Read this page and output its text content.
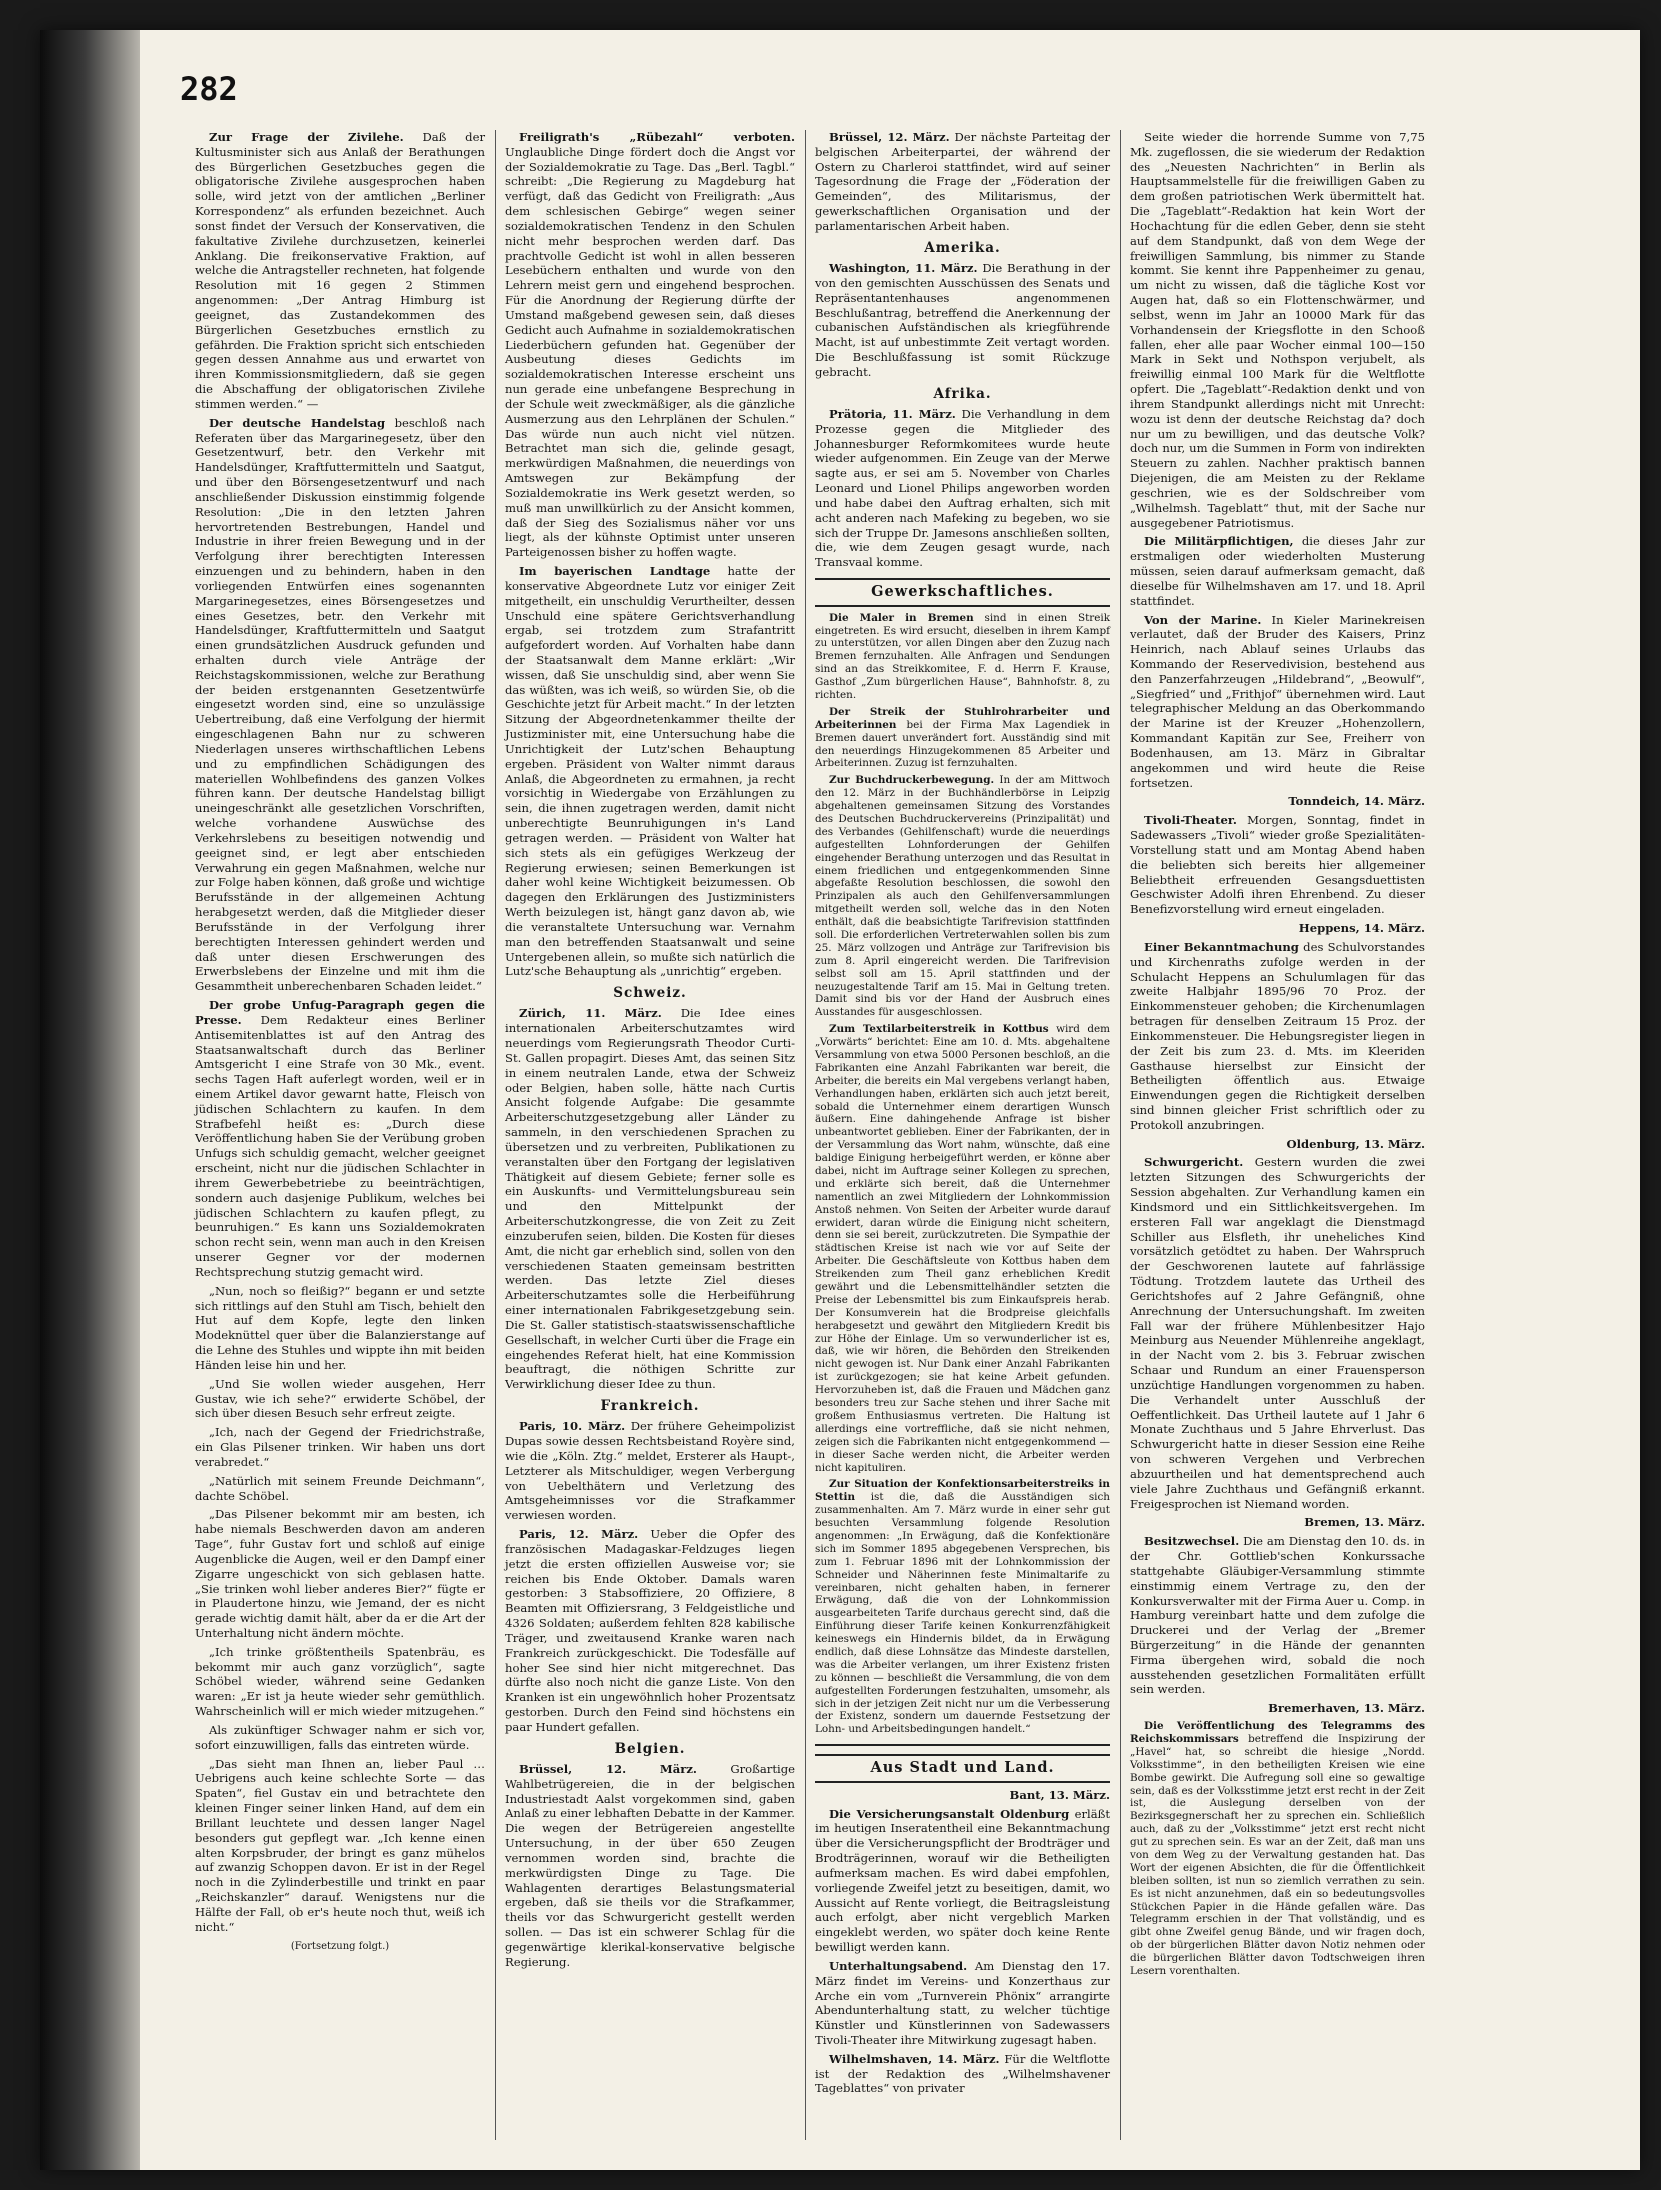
282

Zur Frage der Zivilehe. Daß der Kultusminister sich aus Anlaß der Berathungen des Bürgerlichen Gesetzbuches gegen die obligatorische Zivilehe ausgesprochen haben solle, wird jetzt von der amtlichen „Berliner Korrespondenz“ als erfunden bezeichnet. Auch sonst findet der Versuch der Konservativen, die fakultative Zivilehe durchzusetzen, keinerlei Anklang. Die freikonservative Fraktion, auf welche die Antragsteller rechneten, hat folgende Resolution mit 16 gegen 2 Stimmen angenommen: „Der Antrag Himburg ist geeignet, das Zustandekommen des Bürgerlichen Gesetzbuches ernstlich zu gefährden. Die Fraktion spricht sich entschieden gegen dessen Annahme aus und erwartet von ihren Kommissionsmitgliedern, daß sie gegen die Abschaffung der obligatorischen Zivilehe stimmen werden.“ —

Der deutsche Handelstag beschloß nach Referaten über das Margarinegesetz, über den Gesetzentwurf, betr. den Verkehr mit Handelsdünger, Kraftfuttermitteln und Saatgut, und über den Börsengesetzentwurf und nach anschließender Diskussion einstimmig folgende Resolution: „Die in den letzten Jahren hervortretenden Bestrebungen, Handel und Industrie in ihrer freien Bewegung und in der Verfolgung ihrer berechtigten Interessen einzuengen und zu behindern, haben in den vorliegenden Entwürfen eines sogenannten Margarinegesetzes, eines Börsengesetzes und eines Gesetzes, betr. den Verkehr mit Handelsdünger, Kraftfuttermitteln und Saatgut einen grundsätzlichen Ausdruck gefunden und erhalten durch viele Anträge der Reichstagskommissionen, welche zur Berathung der beiden erstgenannten Gesetzentwürfe eingesetzt worden sind, eine so unzulässige Uebertreibung, daß eine Verfolgung der hiermit eingeschlagenen Bahn nur zu schweren Niederlagen unseres wirthschaftlichen Lebens und zu empfindlichen Schädigungen des materiellen Wohlbefindens des ganzen Volkes führen kann. Der deutsche Handelstag billigt uneingeschränkt alle gesetzlichen Vorschriften, welche vorhandene Auswüchse des Verkehrslebens zu beseitigen notwendig und geeignet sind, er legt aber entschieden Verwahrung ein gegen Maßnahmen, welche nur zur Folge haben können, daß große und wichtige Berufsstände in der allgemeinen Achtung herabgesetzt werden, daß die Mitglieder dieser Berufsstände in der Verfolgung ihrer berechtigten Interessen gehindert werden und daß unter diesen Erschwerungen des Erwerbslebens der Einzelne und mit ihm die Gesammtheit unberechenbaren Schaden leidet.“

Der grobe Unfug-Paragraph gegen die Presse. Dem Redakteur eines Berliner Antisemitenblattes ist auf den Antrag des Staatsanwaltschaft durch das Berliner Amtsgericht I eine Strafe von 30 Mk., event. sechs Tagen Haft auferlegt worden, weil er in einem Artikel davor gewarnt hatte, Fleisch von jüdischen Schlachtern zu kaufen. In dem Strafbefehl heißt es: „Durch diese Veröffentlichung haben Sie der Verübung groben Unfugs sich schuldig gemacht, welcher geeignet erscheint, nicht nur die jüdischen Schlachter in ihrem Gewerbebetriebe zu beeinträchtigen, sondern auch dasjenige Publikum, welches bei jüdischen Schlachtern zu kaufen pflegt, zu beunruhigen.“ Es kann uns Sozialdemokraten schon recht sein, wenn man auch in den Kreisen unserer Gegner vor der modernen Rechtsprechung stutzig gemacht wird.

„Nun, noch so fleißig?“ begann er und setzte sich rittlings auf den Stuhl am Tisch, behielt den Hut auf dem Kopfe, legte den linken Modeknüttel quer über die Balanzierstange auf die Lehne des Stuhles und wippte ihn mit beiden Händen leise hin und her.

„Und Sie wollen wieder ausgehen, Herr Gustav, wie ich sehe?“ erwiderte Schöbel, der sich über diesen Besuch sehr erfreut zeigte.

„Ich, nach der Gegend der Friedrichstraße, ein Glas Pilsener trinken. Wir haben uns dort verabredet.“

„Natürlich mit seinem Freunde Deichmann“, dachte Schöbel.

„Das Pilsener bekommt mir am besten, ich habe niemals Beschwerden davon am anderen Tage“, fuhr Gustav fort und schloß auf einige Augenblicke die Augen, weil er den Dampf einer Zigarre ungeschickt von sich geblasen hatte. „Sie trinken wohl lieber anderes Bier?“ fügte er in Plaudertone hinzu, wie Jemand, der es nicht gerade wichtig damit hält, aber da er die Art der Unterhaltung nicht ändern möchte.

„Ich trinke größtentheils Spatenbräu, es bekommt mir auch ganz vorzüglich“, sagte Schöbel wieder, während seine Gedanken waren: „Er ist ja heute wieder sehr gemüthlich. Wahrscheinlich will er mich wieder mitzugehen.“

Als zukünftiger Schwager nahm er sich vor, sofort einzuwilligen, falls das eintreten würde.

„Das sieht man Ihnen an, lieber Paul … Uebrigens auch keine schlechte Sorte — das Spaten“, fiel Gustav ein und betrachtete den kleinen Finger seiner linken Hand, auf dem ein Brillant leuchtete und dessen langer Nagel besonders gut gepflegt war. „Ich kenne einen alten Korpsbruder, der bringt es ganz mühelos auf zwanzig Schoppen davon. Er ist in der Regel noch in die Zylinderbestille und trinkt en paar „Reichskanzler“ darauf. Wenigstens nur die Hälfte der Fall, ob er's heute noch thut, weiß ich nicht.“

(Fortsetzung folgt.)

Freiligrath's „Rübezahl“ verboten. Unglaubliche Dinge fördert doch die Angst vor der Sozialdemokratie zu Tage. Das „Berl. Tagbl.“ schreibt: „Die Regierung zu Magdeburg hat verfügt, daß das Gedicht von Freiligrath: „Aus dem schlesischen Gebirge“ wegen seiner sozialdemokratischen Tendenz in den Schulen nicht mehr besprochen werden darf. Das prachtvolle Gedicht ist wohl in allen besseren Lesebüchern enthalten und wurde von den Lehrern meist gern und eingehend besprochen. Für die Anordnung der Regierung dürfte der Umstand maßgebend gewesen sein, daß dieses Gedicht auch Aufnahme in sozialdemokratischen Liederbüchern gefunden hat. Gegenüber der Ausbeutung dieses Gedichts im sozialdemokratischen Interesse erscheint uns nun gerade eine unbefangene Besprechung in der Schule weit zweckmäßiger, als die gänzliche Ausmerzung aus den Lehrplänen der Schulen.“ Das würde nun auch nicht viel nützen. Betrachtet man sich die, gelinde gesagt, merkwürdigen Maßnahmen, die neuerdings von Amtswegen zur Bekämpfung der Sozialdemokratie ins Werk gesetzt werden, so muß man unwillkürlich zu der Ansicht kommen, daß der Sieg des Sozialismus näher vor uns liegt, als der kühnste Optimist unter unseren Parteigenossen bisher zu hoffen wagte.

Im bayerischen Landtage hatte der konservative Abgeordnete Lutz vor einiger Zeit mitgetheilt, ein unschuldig Verurtheilter, dessen Unschuld eine spätere Gerichtsverhandlung ergab, sei trotzdem zum Strafantritt aufgefordert worden. Auf Vorhalten habe dann der Staatsanwalt dem Manne erklärt: „Wir wissen, daß Sie unschuldig sind, aber wenn Sie das wüßten, was ich weiß, so würden Sie, ob die Geschichte jetzt für Arbeit macht.“ In der letzten Sitzung der Abgeordnetenkammer theilte der Justizminister mit, eine Untersuchung habe die Unrichtigkeit der Lutz'schen Behauptung ergeben. Präsident von Walter nimmt daraus Anlaß, die Abgeordneten zu ermahnen, ja recht vorsichtig in Wiedergabe von Erzählungen zu sein, die ihnen zugetragen werden, damit nicht unberechtigte Beunruhigungen in's Land getragen werden. — Präsident von Walter hat sich stets als ein gefügiges Werkzeug der Regierung erwiesen; seinen Bemerkungen ist daher wohl keine Wichtigkeit beizumessen. Ob dagegen den Erklärungen des Justizministers Werth beizulegen ist, hängt ganz davon ab, wie die veranstaltete Untersuchung war. Vernahm man den betreffenden Staatsanwalt und seine Untergebenen allein, so mußte sich natürlich die Lutz'sche Behauptung als „unrichtig“ ergeben.

Schweiz.

Zürich, 11. März. Die Idee eines internationalen Arbeiterschutzamtes wird neuerdings vom Regierungsrath Theodor Curti-St. Gallen propagirt. Dieses Amt, das seinen Sitz in einem neutralen Lande, etwa der Schweiz oder Belgien, haben solle, hätte nach Curtis Ansicht folgende Aufgabe: Die gesammte Arbeiterschutzgesetzgebung aller Länder zu sammeln, in den verschiedenen Sprachen zu übersetzen und zu verbreiten, Publikationen zu veranstalten über den Fortgang der legislativen Thätigkeit auf diesem Gebiete; ferner solle es ein Auskunfts- und Vermittelungsbureau sein und den Mittelpunkt der Arbeiterschutzkongresse, die von Zeit zu Zeit einzuberufen seien, bilden. Die Kosten für dieses Amt, die nicht gar erheblich sind, sollen von den verschiedenen Staaten gemeinsam bestritten werden. Das letzte Ziel dieses Arbeiterschutzamtes solle die Herbeiführung einer internationalen Fabrikgesetzgebung sein. Die St. Galler statistisch-staatswissenschaftliche Gesellschaft, in welcher Curti über die Frage ein eingehendes Referat hielt, hat eine Kommission beauftragt, die nöthigen Schritte zur Verwirklichung dieser Idee zu thun.

Frankreich.

Paris, 10. März. Der frühere Geheimpolizist Dupas sowie dessen Rechtsbeistand Royère sind, wie die „Köln. Ztg.“ meldet, Ersterer als Haupt-, Letzterer als Mitschuldiger, wegen Verbergung von Uebelthätern und Verletzung des Amtsgeheimnisses vor die Strafkammer verwiesen worden.

Paris, 12. März. Ueber die Opfer des französischen Madagaskar-Feldzuges liegen jetzt die ersten offiziellen Ausweise vor; sie reichen bis Ende Oktober. Damals waren gestorben: 3 Stabsoffiziere, 20 Offiziere, 8 Beamten mit Offiziersrang, 3 Feldgeistliche und 4326 Soldaten; außerdem fehlten 828 kabilische Träger, und zweitausend Kranke waren nach Frankreich zurückgeschickt. Die Todesfälle auf hoher See sind hier nicht mitgerechnet. Das dürfte also noch nicht die ganze Liste. Von den Kranken ist ein ungewöhnlich hoher Prozentsatz gestorben. Durch den Feind sind höchstens ein paar Hundert gefallen.

Belgien.

Brüssel, 12. März.	Großartige Wahlbetrügereien, die in der belgischen Industriestadt Aalst vorgekommen sind, gaben Anlaß zu einer lebhaften Debatte in der Kammer. Die wegen der Betrügereien angestellte Untersuchung, in der über 650 Zeugen vernommen worden sind, brachte die merkwürdigsten Dinge zu Tage. Die Wahlagenten derartiges Belastungsmaterial ergeben, daß sie theils vor die Strafkammer, theils vor das Schwurgericht gestellt werden sollen. — Das ist ein schwerer Schlag für die gegenwärtige klerikal-konservative belgische Regierung.

Brüssel, 12. März. Der nächste Parteitag der belgischen Arbeiterpartei, der während der Ostern zu Charleroi stattfindet, wird auf seiner Tagesordnung die Frage der „Föderation der Gemeinden“, des Militarismus, der gewerkschaftlichen Organisation und der parlamentarischen Arbeit haben.

Amerika.

Washington, 11. März. Die Berathung in der von den gemischten Ausschüssen des Senats und Repräsentantenhauses angenommenen Beschlußantrag, betreffend die Anerkennung der cubanischen Aufständischen als kriegführende Macht, ist auf unbestimmte Zeit vertagt worden. Die Beschlußfassung ist somit Rückzuge gebracht.

Afrika.

Prätoria, 11. März. Die Verhandlung in dem Prozesse gegen die Mitglieder des Johannesburger Reformkomitees wurde heute wieder aufgenommen. Ein Zeuge van der Merwe sagte aus, er sei am 5. November von Charles Leonard und Lionel Philips angeworben worden und habe dabei den Auftrag erhalten, sich mit acht anderen nach Mafeking zu begeben, wo sie sich der Truppe Dr. Jamesons anschließen sollten, die, wie dem Zeugen gesagt wurde, nach Transvaal komme.

Gewerkschaftliches.

Die Maler in Bremen sind in einen Streik eingetreten. Es wird ersucht, dieselben in ihrem Kampf zu unterstützen, vor allen Dingen aber den Zuzug nach Bremen fernzuhalten. Alle Anfragen und Sendungen sind an das Streikkomitee, F. d. Herrn F. Krause, Gasthof „Zum bürgerlichen Hause“, Bahnhofstr. 8, zu richten.

Der Streik der Stuhlrohrarbeiter und Arbeiterinnen bei der Firma Max Lagendiek in Bremen dauert unverändert fort. Ausständig sind mit den neuerdings Hinzugekommenen 85 Arbeiter und Arbeiterinnen. Zuzug ist fernzuhalten.

Zur Buchdruckerbewegung. In der am Mittwoch den 12. März in der Buchhändlerbörse in Leipzig abgehaltenen gemeinsamen Sitzung des Vorstandes des Deutschen Buchdruckervereins (Prinzipalität) und des Verbandes (Gehilfenschaft) wurde die neuerdings aufgestellten Lohnforderungen der Gehilfen eingehender Berathung unterzogen und das Resultat in einem friedlichen und entgegenkommenden Sinne abgefaßte Resolution beschlossen, die sowohl den Prinzipalen als auch den Gehilfenversammlungen mitgetheilt werden soll, welche das in den Noten enthält, daß die beabsichtigte Tarifrevision stattfinden soll. Die erforderlichen Vertreterwahlen sollen bis zum 25. März vollzogen und Anträge zur Tarifrevision bis zum 8. April eingereicht werden. Die Tarifrevision selbst soll am 15. April stattfinden und der neuzugestaltende Tarif am 15. Mai in Geltung treten. Damit sind bis vor der Hand der Ausbruch eines Ausstandes für ausgeschlossen.

Zum Textilarbeiterstreik in Kottbus wird dem „Vorwärts“ berichtet: Eine am 10. d. Mts. abgehaltene Versammlung von etwa 5000 Personen beschloß, an die Fabrikanten eine Anzahl Fabrikanten war bereit, die Arbeiter, die bereits ein Mal vergebens verlangt haben, Verhandlungen haben, erklärten sich auch jetzt bereit, sobald die Unternehmer einem derartigen Wunsch äußern. Eine dahingehende Anfrage ist bisher unbeantwortet geblieben. Einer der Fabrikanten, der in der Versammlung das Wort nahm, wünschte, daß eine baldige Einigung herbeigeführt werden, er könne aber dabei, nicht im Auftrage seiner Kollegen zu sprechen, und erklärte sich bereit, daß die Unternehmer namentlich an zwei Mitgliedern der Lohnkommission Anstoß nehmen. Von Seiten der Arbeiter wurde darauf erwidert, daran würde die Einigung nicht scheitern, denn sie sei bereit, zurückzutreten. Die Sympathie der städtischen Kreise ist nach wie vor auf Seite der Arbeiter. Die Geschäftsleute von Kottbus haben dem Streikenden zum Theil ganz erheblichen Kredit gewährt und die Lebensmittelhändler setzten die Preise der Lebensmittel bis zum Einkaufspreis herab. Der Konsumverein hat die Brodpreise gleichfalls herabgesetzt und gewährt den Mitgliedern Kredit bis zur Höhe der Einlage. Um so verwunderlicher ist es, daß, wie wir hören, die Behörden den Streikenden nicht gewogen ist. Nur Dank einer Anzahl Fabrikanten ist zurückgezogen; sie hat keine Arbeit gefunden. Hervorzuheben ist, daß die Frauen und Mädchen ganz besonders treu zur Sache stehen und ihrer Sache mit großem Enthusiasmus vertreten. Die Haltung ist allerdings eine vortreffliche, daß sie nicht nehmen, zeigen sich die Fabrikanten nicht entgegenkommend — in dieser Sache werden nicht, die Arbeiter werden nicht kapituliren.

Zur Situation der Konfektionsarbeiterstreiks in Stettin ist die, daß die Ausständigen sich zusammenhalten. Am 7. März wurde in einer sehr gut besuchten Versammlung folgende Resolution angenommen: „In Erwägung, daß die Konfektionäre sich im Sommer 1895 abgegebenen Versprechen, bis zum 1. Februar 1896 mit der Lohnkommission der Schneider und Näherinnen feste Minimaltarife zu vereinbaren, nicht gehalten haben, in fernerer Erwägung, daß die von der Lohnkommission ausgearbeiteten Tarife durchaus gerecht sind, daß die Einführung dieser Tarife keinen Konkurrenzfähigkeit keineswegs ein Hindernis bildet, da in Erwägung endlich, daß diese Lohnsätze das Mindeste darstellen, was die Arbeiter verlangen, um ihrer Existenz fristen zu können — beschließt die Versammlung, die von dem aufgestellten Forderungen festzuhalten, umsomehr, als sich in der jetzigen Zeit nicht nur um die Verbesserung der Existenz, sondern um dauernde Festsetzung der Lohn- und Arbeitsbedingungen handelt.“

Aus Stadt und Land.

Bant, 13. März.

Die Versicherungsanstalt Oldenburg erläßt im heutigen Inseratentheil eine Bekanntmachung über die Versicherungspflicht der Brodträger und Brodträgerinnen, worauf wir die Betheiligten aufmerksam machen. Es wird dabei empfohlen, vorliegende Zweifel jetzt zu beseitigen, damit, wo Aussicht auf Rente vorliegt, die Beitragsleistung auch erfolgt, aber nicht vergeblich Marken eingeklebt werden, wo später doch keine Rente bewilligt werden kann.

Unterhaltungsabend. Am Dienstag den 17. März findet im Vereins- und Konzerthaus zur Arche ein vom „Turnverein Phönix“ arrangirte Abendunterhaltung statt, zu welcher tüchtige Künstler und Künstlerinnen von Sadewassers Tivoli-Theater ihre Mitwirkung zugesagt haben.

Wilhelmshaven, 14. März. Für die Weltflotte ist der Redaktion des „Wilhelmshavener Tageblattes“ von privater

Seite wieder die horrende Summe von 7,75 Mk. zugeflossen, die sie wiederum der Redaktion des „Neuesten Nachrichten“ in Berlin als Hauptsammelstelle für die freiwilligen Gaben zu dem großen patriotischen Werk übermittelt hat. Die „Tageblatt“-Redaktion hat kein Wort der Hochachtung für die edlen Geber, denn sie steht auf dem Standpunkt, daß von dem Wege der freiwilligen Sammlung, bis nimmer zu Stande kommt. Sie kennt ihre Pappenheimer zu genau, um nicht zu wissen, daß die tägliche Kost vor Augen hat, daß so ein Flottenschwärmer, und selbst, wenn im Jahr an 10000 Mark für das Vorhandensein der Kriegsflotte in den Schooß fallen, eher alle paar Wocher einmal 100—150 Mark in Sekt und Nothspon verjubelt, als freiwillig einmal 100 Mark für die Weltflotte opfert. Die „Tageblatt“-Redaktion denkt und von ihrem Standpunkt allerdings nicht mit Unrecht: wozu ist denn der deutsche Reichstag da? doch nur um zu bewilligen, und das deutsche Volk? doch nur, um die Summen in Form von indirekten Steuern zu zahlen. Nachher praktisch bannen Diejenigen, die am Meisten zu der Reklame geschrien, wie es der Soldschreiber vom „Wilhelmsh. Tageblatt“ thut, mit der Sache nur ausgegebener Patriotismus.

Die Militärpflichtigen, die dieses Jahr zur erstmaligen oder wiederholten Musterung müssen, seien darauf aufmerksam gemacht, daß dieselbe für Wilhelmshaven am 17. und 18. April stattfindet.

Von der Marine. In Kieler Marinekreisen verlautet, daß der Bruder des Kaisers, Prinz Heinrich, nach Ablauf seines Urlaubs das Kommando der Reservedivision, bestehend aus den Panzerfahrzeugen „Hildebrand“, „Beowulf“, „Siegfried“ und „Frithjof“ übernehmen wird. Laut telegraphischer Meldung an das Oberkommando der Marine ist der Kreuzer „Hohenzollern, Kommandant Kapitän zur See, Freiherr von Bodenhausen, am 13. März in Gibraltar angekommen und wird heute die Reise fortsetzen.

Tonndeich, 14. März.

Tivoli-Theater. Morgen, Sonntag, findet in Sadewassers „Tivoli“ wieder große Spezialitäten-Vorstellung statt und am Montag Abend haben die beliebten sich bereits hier allgemeiner Beliebtheit erfreuenden Gesangsduettisten Geschwister Adolfi ihren Ehrenbend. Zu dieser Benefizvorstellung wird erneut eingeladen.

Heppens, 14. März.

Einer Bekanntmachung des Schulvorstandes und Kirchenraths zufolge werden in der Schulacht Heppens an Schulumlagen für das zweite Halbjahr 1895/96 70 Proz. der Einkommensteuer gehoben; die Kirchenumlagen betragen für denselben Zeitraum 15 Proz. der Einkommensteuer. Die Hebungsregister liegen in der Zeit bis zum 23. d. Mts. im Kleeriden Gasthause hierselbst zur Einsicht der Betheiligten öffentlich aus. Etwaige Einwendungen gegen die Richtigkeit derselben sind binnen gleicher Frist schriftlich oder zu Protokoll anzubringen.

Oldenburg, 13. März.

Schwurgericht. Gestern wurden die zwei letzten Sitzungen des Schwurgerichts der Session abgehalten. Zur Verhandlung kamen ein Kindsmord und ein Sittlichkeitsvergehen. Im ersteren Fall war angeklagt die Dienstmagd Schiller aus Elsfleth, ihr uneheliches Kind vorsätzlich getödtet zu haben. Der Wahrspruch der Geschworenen lautete auf fahrlässige Tödtung. Trotzdem lautete das Urtheil des Gerichtshofes auf 2 Jahre Gefängniß, ohne Anrechnung der Untersuchungshaft. Im zweiten Fall war der frühere Mühlenbesitzer Hajo Meinburg aus Neuender Mühlenreihe angeklagt, in der Nacht vom 2. bis 3. Februar zwischen Schaar und Rundum an einer Frauensperson unzüchtige Handlungen vorgenommen zu haben. Die Verhandelt unter Ausschluß der Oeffentlichkeit. Das Urtheil lautete auf 1 Jahr 6 Monate Zuchthaus und 5 Jahre Ehrverlust. Das Schwurgericht hatte in dieser Session eine Reihe von schweren Vergehen und Verbrechen abzuurtheilen und hat dementsprechend auch viele Jahre Zuchthaus und Gefängniß erkannt. Freigesprochen ist Niemand worden.

Bremen, 13. März.

Besitzwechsel. Die am Dienstag den 10. ds. in der Chr. Gottlieb'schen Konkurssache stattgehabte Gläubiger-Versammlung stimmte einstimmig einem Vertrage zu, den der Konkursverwalter mit der Firma Auer u. Comp. in Hamburg vereinbart hatte und dem zufolge die Druckerei und der Verlag der „Bremer Bürgerzeitung“ in die Hände der genannten Firma übergehen wird, sobald die noch ausstehenden gesetzlichen Formalitäten erfüllt sein werden.

Bremerhaven, 13. März.

Die Veröffentlichung des Telegramms des Reichskommissars betreffend die Inspizirung der „Havel“ hat, so schreibt die hiesige „Nordd. Volksstimme“, in den betheiligten Kreisen wie eine Bombe gewirkt. Die Aufregung soll eine so gewaltige sein, daß es der Volksstimme jetzt erst recht in der Zeit ist, die Auslegung derselben von der Bezirksgegnerschaft her zu sprechen ein. Schließlich auch, daß zu der „Volksstimme“ jetzt erst recht nicht gut zu sprechen sein. Es war an der Zeit, daß man uns von dem Weg zu der Verwaltung gestanden hat. Das Wort der eigenen Absichten, die für die Öffentlichkeit bleiben sollten, ist nun so ziemlich verrathen zu sein. Es ist nicht anzunehmen, daß ein so bedeutungsvolles Stückchen Papier in die Hände gefallen wäre. Das Telegramm erschien in der That vollständig, und es gibt ohne Zweifel genug Bände, und wir fragen doch, ob der bürgerlichen Blätter davon Notiz nehmen oder die bürgerlichen Blätter davon Todtschweigen ihren Lesern vorenthalten.
